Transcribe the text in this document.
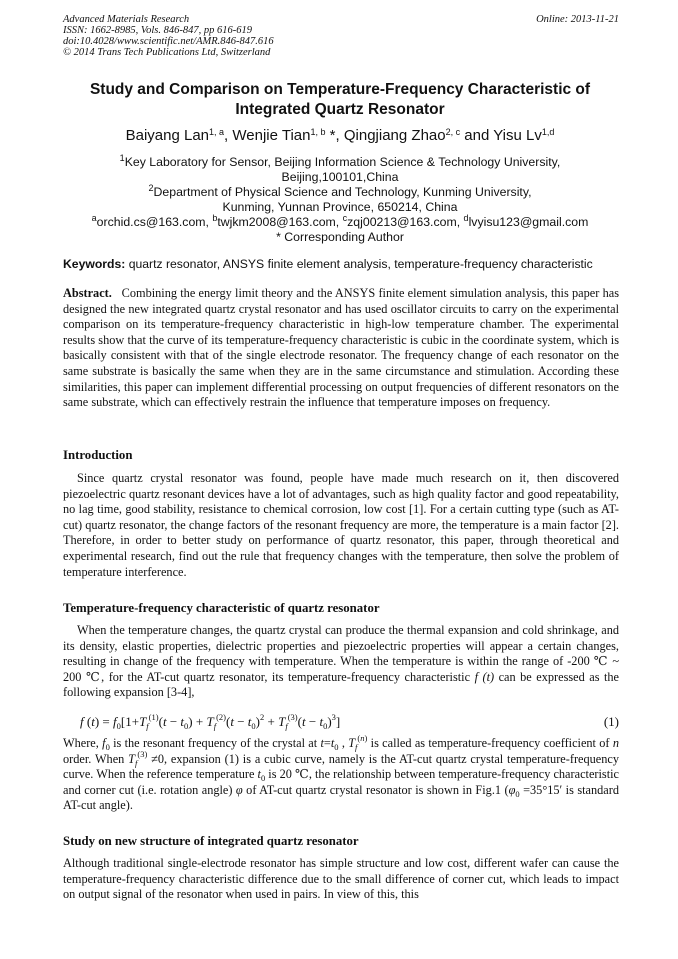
Advanced Materials Research
ISSN: 1662-8985, Vols. 846-847, pp 616-619
doi:10.4028/www.scientific.net/AMR.846-847.616
© 2014 Trans Tech Publications Ltd, Switzerland
Online: 2013-11-21
Study and Comparison on Temperature-Frequency Characteristic of
Integrated Quartz Resonator
Baiyang Lan$^{1, a}$, Wenjie Tian$^{1, b}$ *, Qingjiang Zhao$^{2, c}$ and Yisu Lv$^{1,d}$
$^1$Key Laboratory for Sensor, Beijing Information Science & Technology University,
Beijing,100101,China
$^2$Department of Physical Science and Technology, Kunming University,
Kunming, Yunnan Province, 650214, China
$^a$orchid.cs@163.com, $^b$twjkm2008@163.com, $^c$zqj00213@163.com, $^d$lvyisu123@gmail.com
* Corresponding Author
Keywords: quartz resonator, ANSYS finite element analysis, temperature-frequency characteristic
Abstract. Combining the energy limit theory and the ANSYS finite element simulation analysis, this paper has designed the new integrated quartz crystal resonator and has used oscillator circuits to carry on the experimental comparison on its temperature-frequency characteristic in high-low temperature chamber. The experimental results show that the curve of its temperature-frequency characteristic is cubic in the coordinate system, which is basically consistent with that of the single electrode resonator. The frequency change of each resonator on the same substrate is basically the same when they are in the same circumstance and stimulation. According these similarities, this paper can implement differential processing on output frequencies of different resonators on the same substrate, which can effectively restrain the influence that temperature imposes on frequency.
Introduction
Since quartz crystal resonator was found, people have made much research on it, then discovered piezoelectric quartz resonant devices have a lot of advantages, such as high quality factor and good repeatability, no lag time, good stability, resistance to chemical corrosion, low cost [1]. For a certain cutting type (such as AT-cut) quartz resonator, the change factors of the resonant frequency are more, the temperature is a main factor [2]. Therefore, in order to better study on performance of quartz resonator, this paper, through theoretical and experimental research, find out the rule that frequency changes with the temperature, then solve the problem of temperature interference.
Temperature-frequency characteristic of quartz resonator
When the temperature changes, the quartz crystal can produce the thermal expansion and cold shrinkage, and its density, elastic properties, dielectric properties and piezoelectric properties will appear a certain changes, resulting in change of the frequency with temperature. When the temperature is within the range of -200 ℃ ~ 200 ℃, for the AT-cut quartz resonator, its temperature-frequency characteristic f (t) can be expressed as the following expansion [3-4],
f $(t) = f_0[1+T_f^{(1)}(t - t_0) + T_f^{(2)}(t - t_0)^2 + T_f^{(3)}(t - t_0)^3]$	(1)
Where, $f_0$ is the resonant frequency of the crystal at $t=t_0$ , $T_f^{(n)}$ is called as temperature-frequency coefficient of n order. When $T_f^{(3)} \ne 0$, expansion (1) is a cubic curve, namely is the AT-cut quartz crystal temperature-frequency curve. When the reference temperature $t_0$ is 20 ℃, the relationship between temperature-frequency characteristic and corner cut (i.e. rotation angle) φ of AT-cut quartz crystal resonator is shown in Fig.1 ($\varphi_0 =35^\circ 15'$ is standard AT-cut angle).
Study on new structure of integrated quartz resonator
Although traditional single-electrode resonator has simple structure and low cost, different wafer can cause the temperature-frequency characteristic difference due to the small difference of corner cut, which leads to impact on output signal of the resonator when used in pairs. In view of this, this
